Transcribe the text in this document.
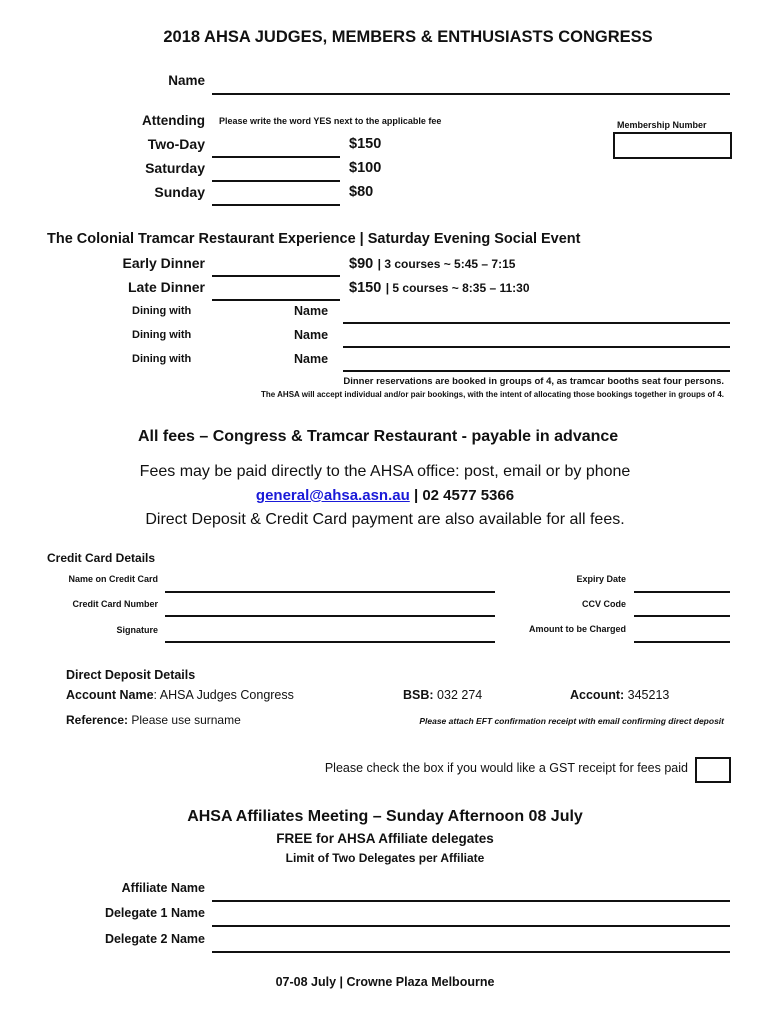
2018 AHSA JUDGES, MEMBERS & ENTHUSIASTS CONGRESS
Name
Attending Please write the word YES next to the applicable fee	Membership Number
Two-Day	$150
Saturday	$100
Sunday	$80
The Colonial Tramcar Restaurant Experience | Saturday Evening Social Event
Early Dinner	$90 | 3 courses ~ 5:45 – 7:15
Late Dinner	$150 | 5 courses ~ 8:35 – 11:30
Dining with	Name
Dining with	Name
Dining with	Name
Dinner reservations are booked in groups of 4, as tramcar booths seat four persons.
The AHSA will accept individual and/or pair bookings, with the intent of allocating those bookings together in groups of 4.
All fees – Congress & Tramcar Restaurant - payable in advance
Fees may be paid directly to the AHSA office: post, email or by phone
general@ahsa.asn.au | 02 4577 5366
Direct Deposit & Credit Card payment are also available for all fees.
Credit Card Details
Name on Credit Card	Expiry Date
Credit Card Number	CCV Code
Signature	Amount to be Charged
Direct Deposit Details
Account Name: AHSA Judges Congress	BSB: 032 274	Account: 345213
Reference: Please use surname	Please attach EFT confirmation receipt with email confirming direct deposit
Please check the box if you would like a GST receipt for fees paid
AHSA Affiliates Meeting – Sunday Afternoon 08 July
FREE for AHSA Affiliate delegates
Limit of Two Delegates per Affiliate
Affiliate Name
Delegate 1 Name
Delegate 2 Name
07-08 July | Crowne Plaza Melbourne
